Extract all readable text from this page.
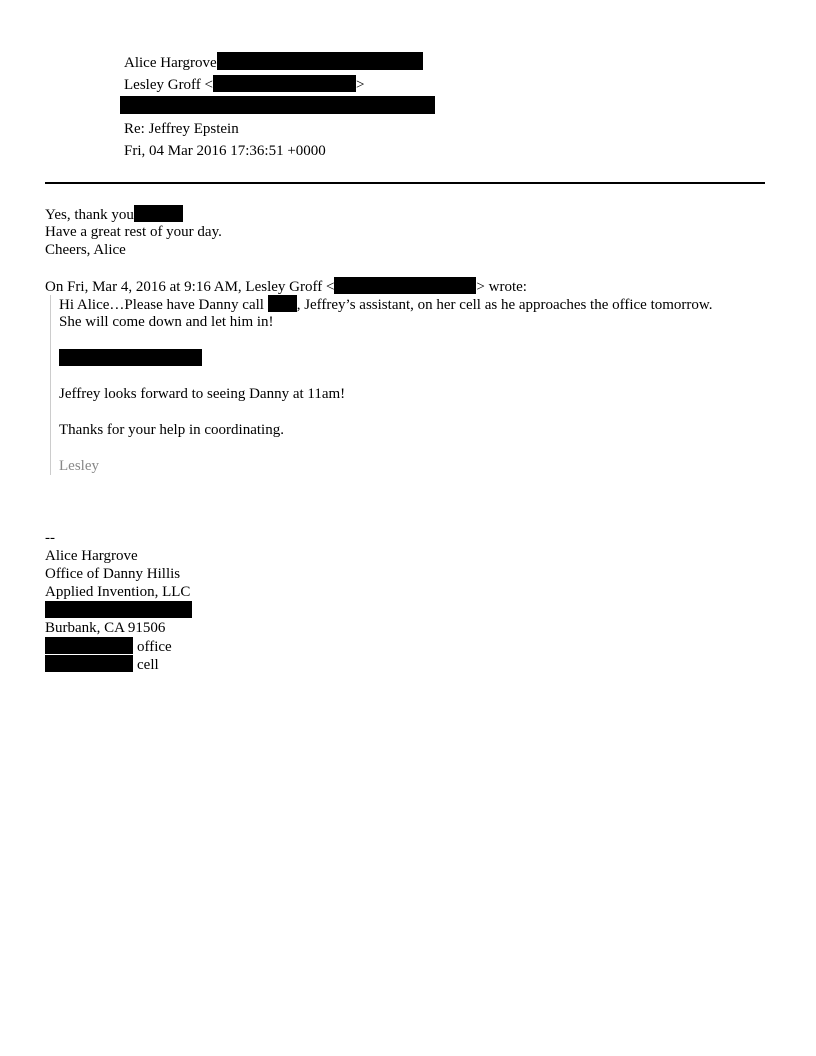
Alice Hargrove
Lesley Groff <	>
Re: Jeffrey Epstein
Fri, 04 Mar 2016 17:36:51 +0000
Yes, thank you
Have a great rest of your day.
Cheers, Alice
On Fri, Mar 4, 2016 at 9:16 AM, Lesley Groff <	> wrote:
Hi Alice…Please have Danny call , Jeffrey’s assistant, on her cell as he approaches the office tomorrow.
She will come down and let him in!
Jeffrey looks forward to seeing Danny at 11am!
Thanks for your help in coordinating.
Lesley
--
Alice Hargrove
Office of Danny Hillis
Applied Invention, LLC
Burbank, CA 91506
office
cell
